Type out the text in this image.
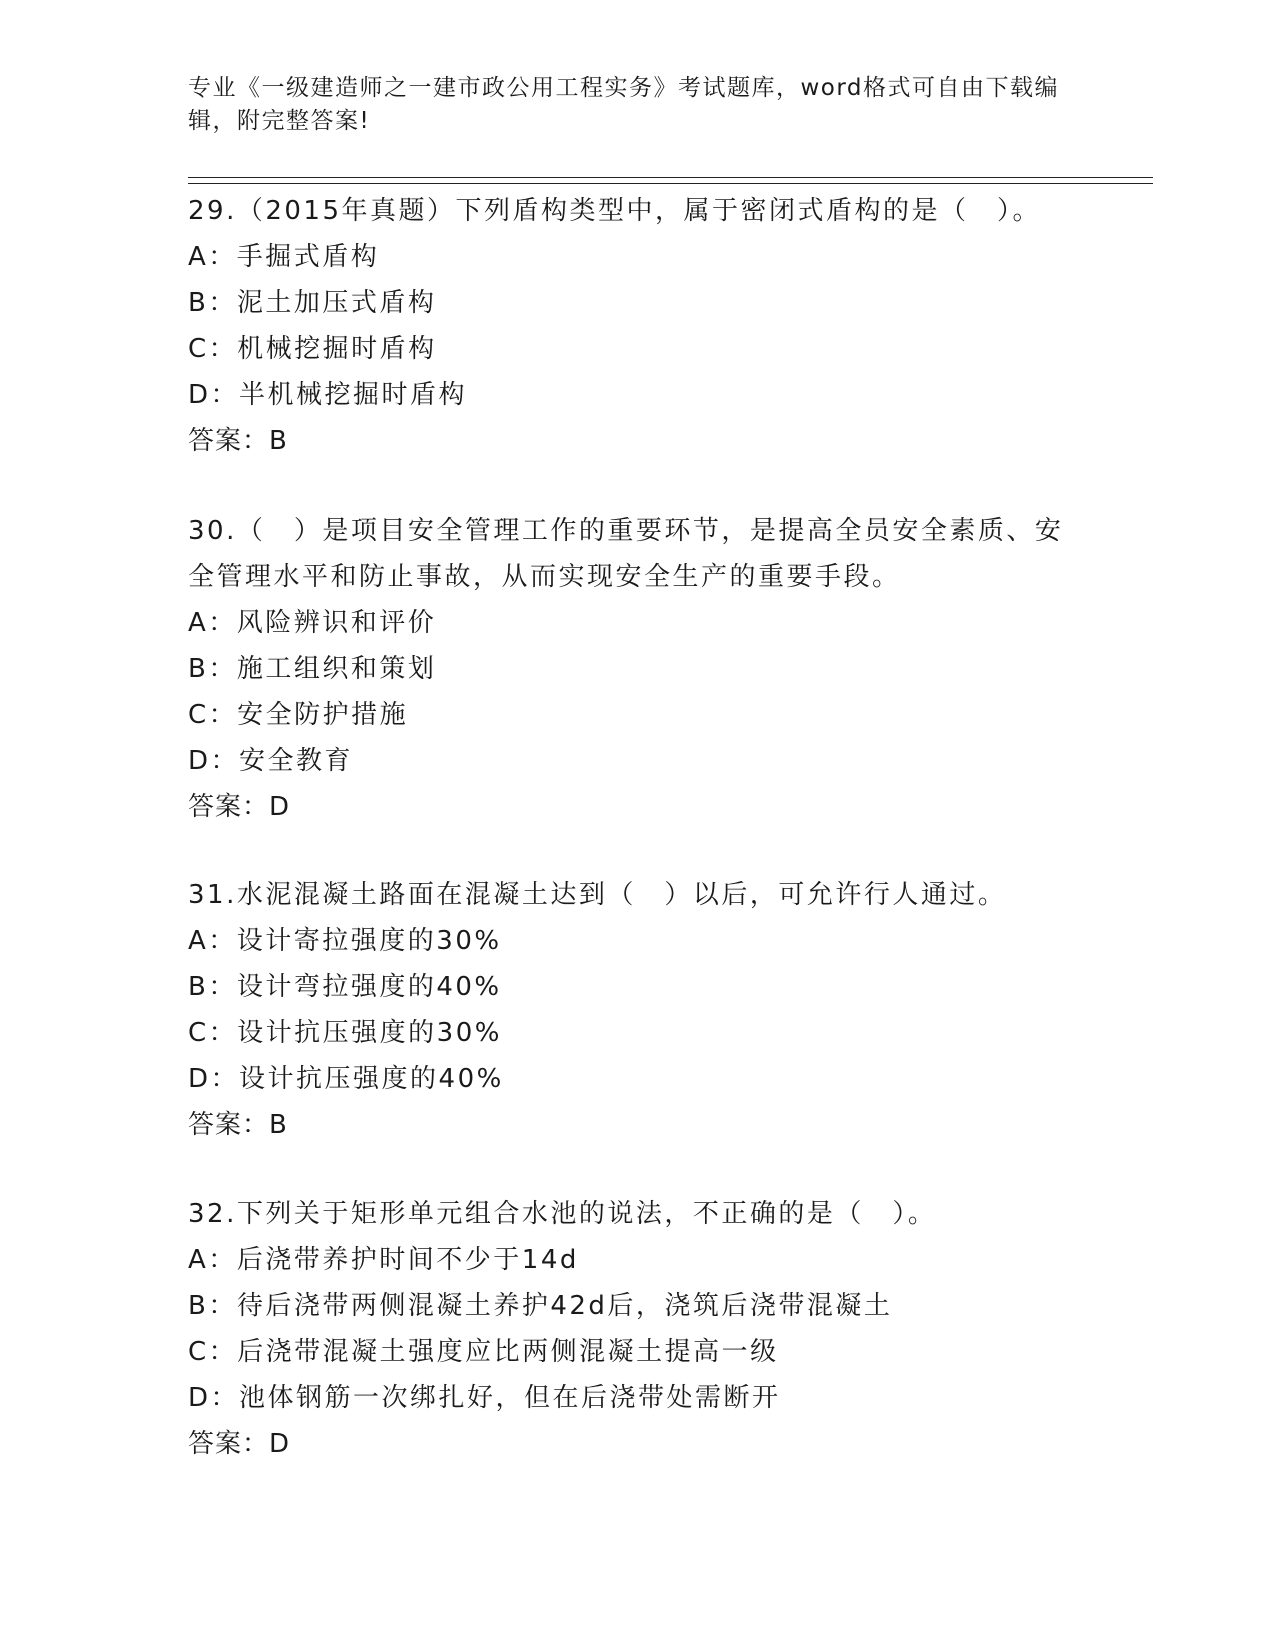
专业《一级建造师之一建市政公用工程实务》考试题库，word格式可自由下载编辑，附完整答案!
29.（2015年真题）下列盾构类型中，属于密闭式盾构的是（　）。
A：手掘式盾构
B：泥土加压式盾构
C：机械挖掘时盾构
D：半机械挖掘时盾构
答案：B
30.（　）是项目安全管理工作的重要环节，是提高全员安全素质、安全管理水平和防止事故，从而实现安全生产的重要手段。
A：风险辨识和评价
B：施工组织和策划
C：安全防护措施
D：安全教育
答案：D
31.水泥混凝土路面在混凝土达到（　）以后，可允许行人通过。
A：设计寄拉强度的30%
B：设计弯拉强度的40%
C：设计抗压强度的30%
D：设计抗压强度的40%
答案：B
32.下列关于矩形单元组合水池的说法，不正确的是（　）。
A：后浇带养护时间不少于14d
B：待后浇带两侧混凝土养护42d后，浇筑后浇带混凝土
C：后浇带混凝土强度应比两侧混凝土提高一级
D：池体钢筋一次绑扎好，但在后浇带处需断开
答案：D
